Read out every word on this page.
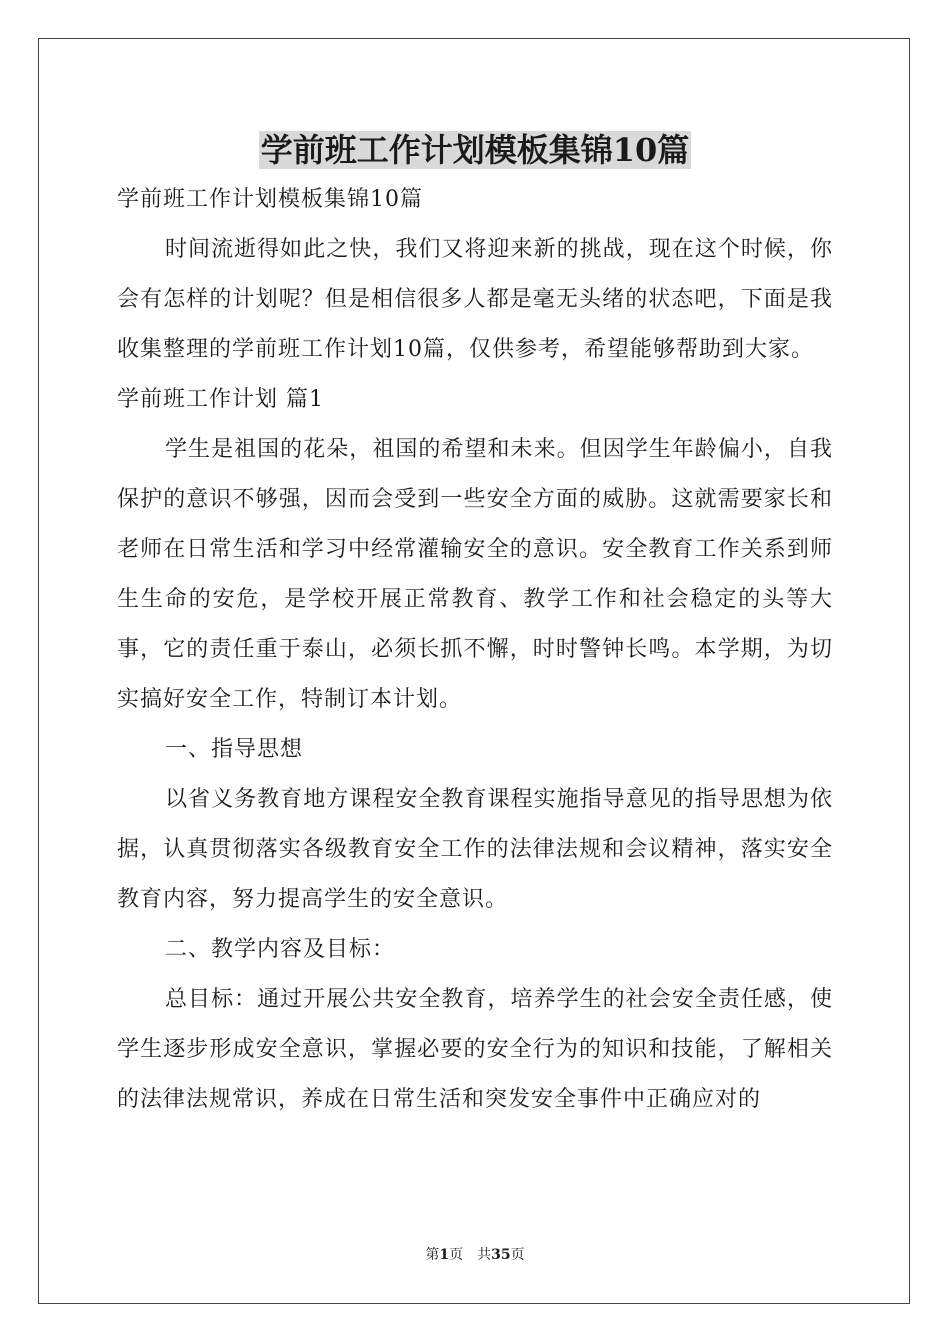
学前班工作计划模板集锦10篇

学前班工作计划模板集锦10篇

时间流逝得如此之快，我们又将迎来新的挑战，现在这个时候，你会有怎样的计划呢？但是相信很多人都是毫无头绪的状态吧，下面是我收集整理的学前班工作计划10篇，仅供参考，希望能够帮助到大家。

学前班工作计划 篇1

学生是祖国的花朵，祖国的希望和未来。但因学生年龄偏小，自我保护的意识不够强，因而会受到一些安全方面的威胁。这就需要家长和老师在日常生活和学习中经常灌输安全的意识。安全教育工作关系到师生生命的安危，是学校开展正常教育、教学工作和社会稳定的头等大事，它的责任重于泰山，必须长抓不懈，时时警钟长鸣。本学期，为切实搞好安全工作，特制订本计划。

一、指导思想

以省义务教育地方课程安全教育课程实施指导意见的指导思想为依据，认真贯彻落实各级教育安全工作的法律法规和会议精神，落实安全教育内容，努力提高学生的安全意识。

二、教学内容及目标：

总目标：通过开展公共安全教育，培养学生的社会安全责任感，使学生逐步形成安全意识，掌握必要的安全行为的知识和技能，了解相关的法律法规常识，养成在日常生活和突发安全事件中正确应对的

第1页 共35页
